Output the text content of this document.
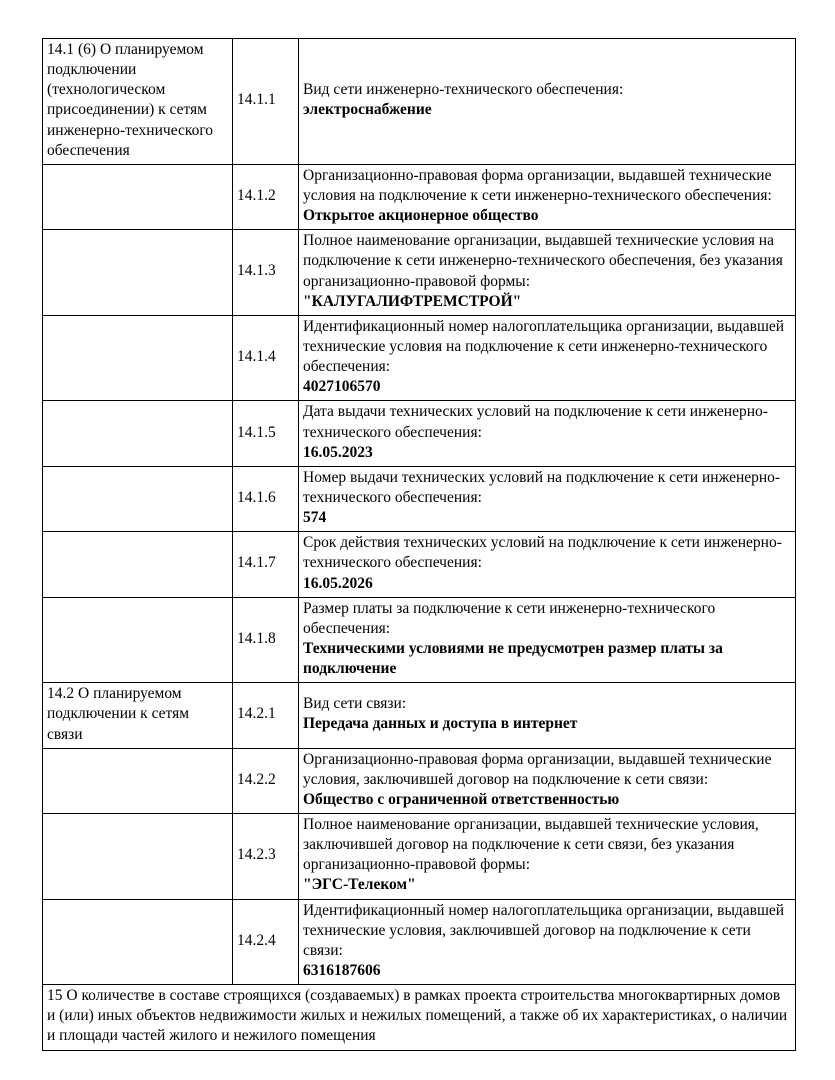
14.1 (6) О планируемом подключении (технологическом присоединении) к сетям инженерно-технического обеспечения	14.1.1	Вид сети инженерно-технического обеспечения:
электроснабжение

	14.1.2	Организационно-правовая форма организации, выдавшей технические условия на подключение к сети инженерно-технического обеспечения:
Открытое акционерное общество

	14.1.3	Полное наименование организации, выдавшей технические условия на подключение к сети инженерно-технического обеспечения, без указания организационно-правовой формы:
"КАЛУГАЛИФТРЕМСТРОЙ"

	14.1.4	Идентификационный номер налогоплательщика организации, выдавшей технические условия на подключение к сети инженерно-технического обеспечения:
4027106570

	14.1.5	Дата выдачи технических условий на подключение к сети инженерно-технического обеспечения:
16.05.2023

	14.1.6	Номер выдачи технических условий на подключение к сети инженерно-технического обеспечения:
574

	14.1.7	Срок действия технических условий на подключение к сети инженерно-технического обеспечения:
16.05.2026

	14.1.8	Размер платы за подключение к сети инженерно-технического обеспечения:
Техническими условиями не предусмотрен размер платы за подключение

14.2 О планируемом подключении к сетям связи	14.2.1	Вид сети связи:
Передача данных и доступа в интернет

	14.2.2	Организационно-правовая форма организации, выдавшей технические условия, заключившей договор на подключение к сети связи:
Общество с ограниченной ответственностью

	14.2.3	Полное наименование организации, выдавшей технические условия, заключившей договор на подключение к сети связи, без указания организационно-правовой формы:
"ЭГС-Телеком"

	14.2.4	Идентификационный номер налогоплательщика организации, выдавшей технические условия, заключившей договор на подключение к сети связи:
6316187606

15 О количестве в составе строящихся (создаваемых) в рамках проекта строительства многоквартирных домов и (или) иных объектов недвижимости жилых и нежилых помещений, а также об их характеристиках, о наличии и площади частей жилого и нежилого помещения		
